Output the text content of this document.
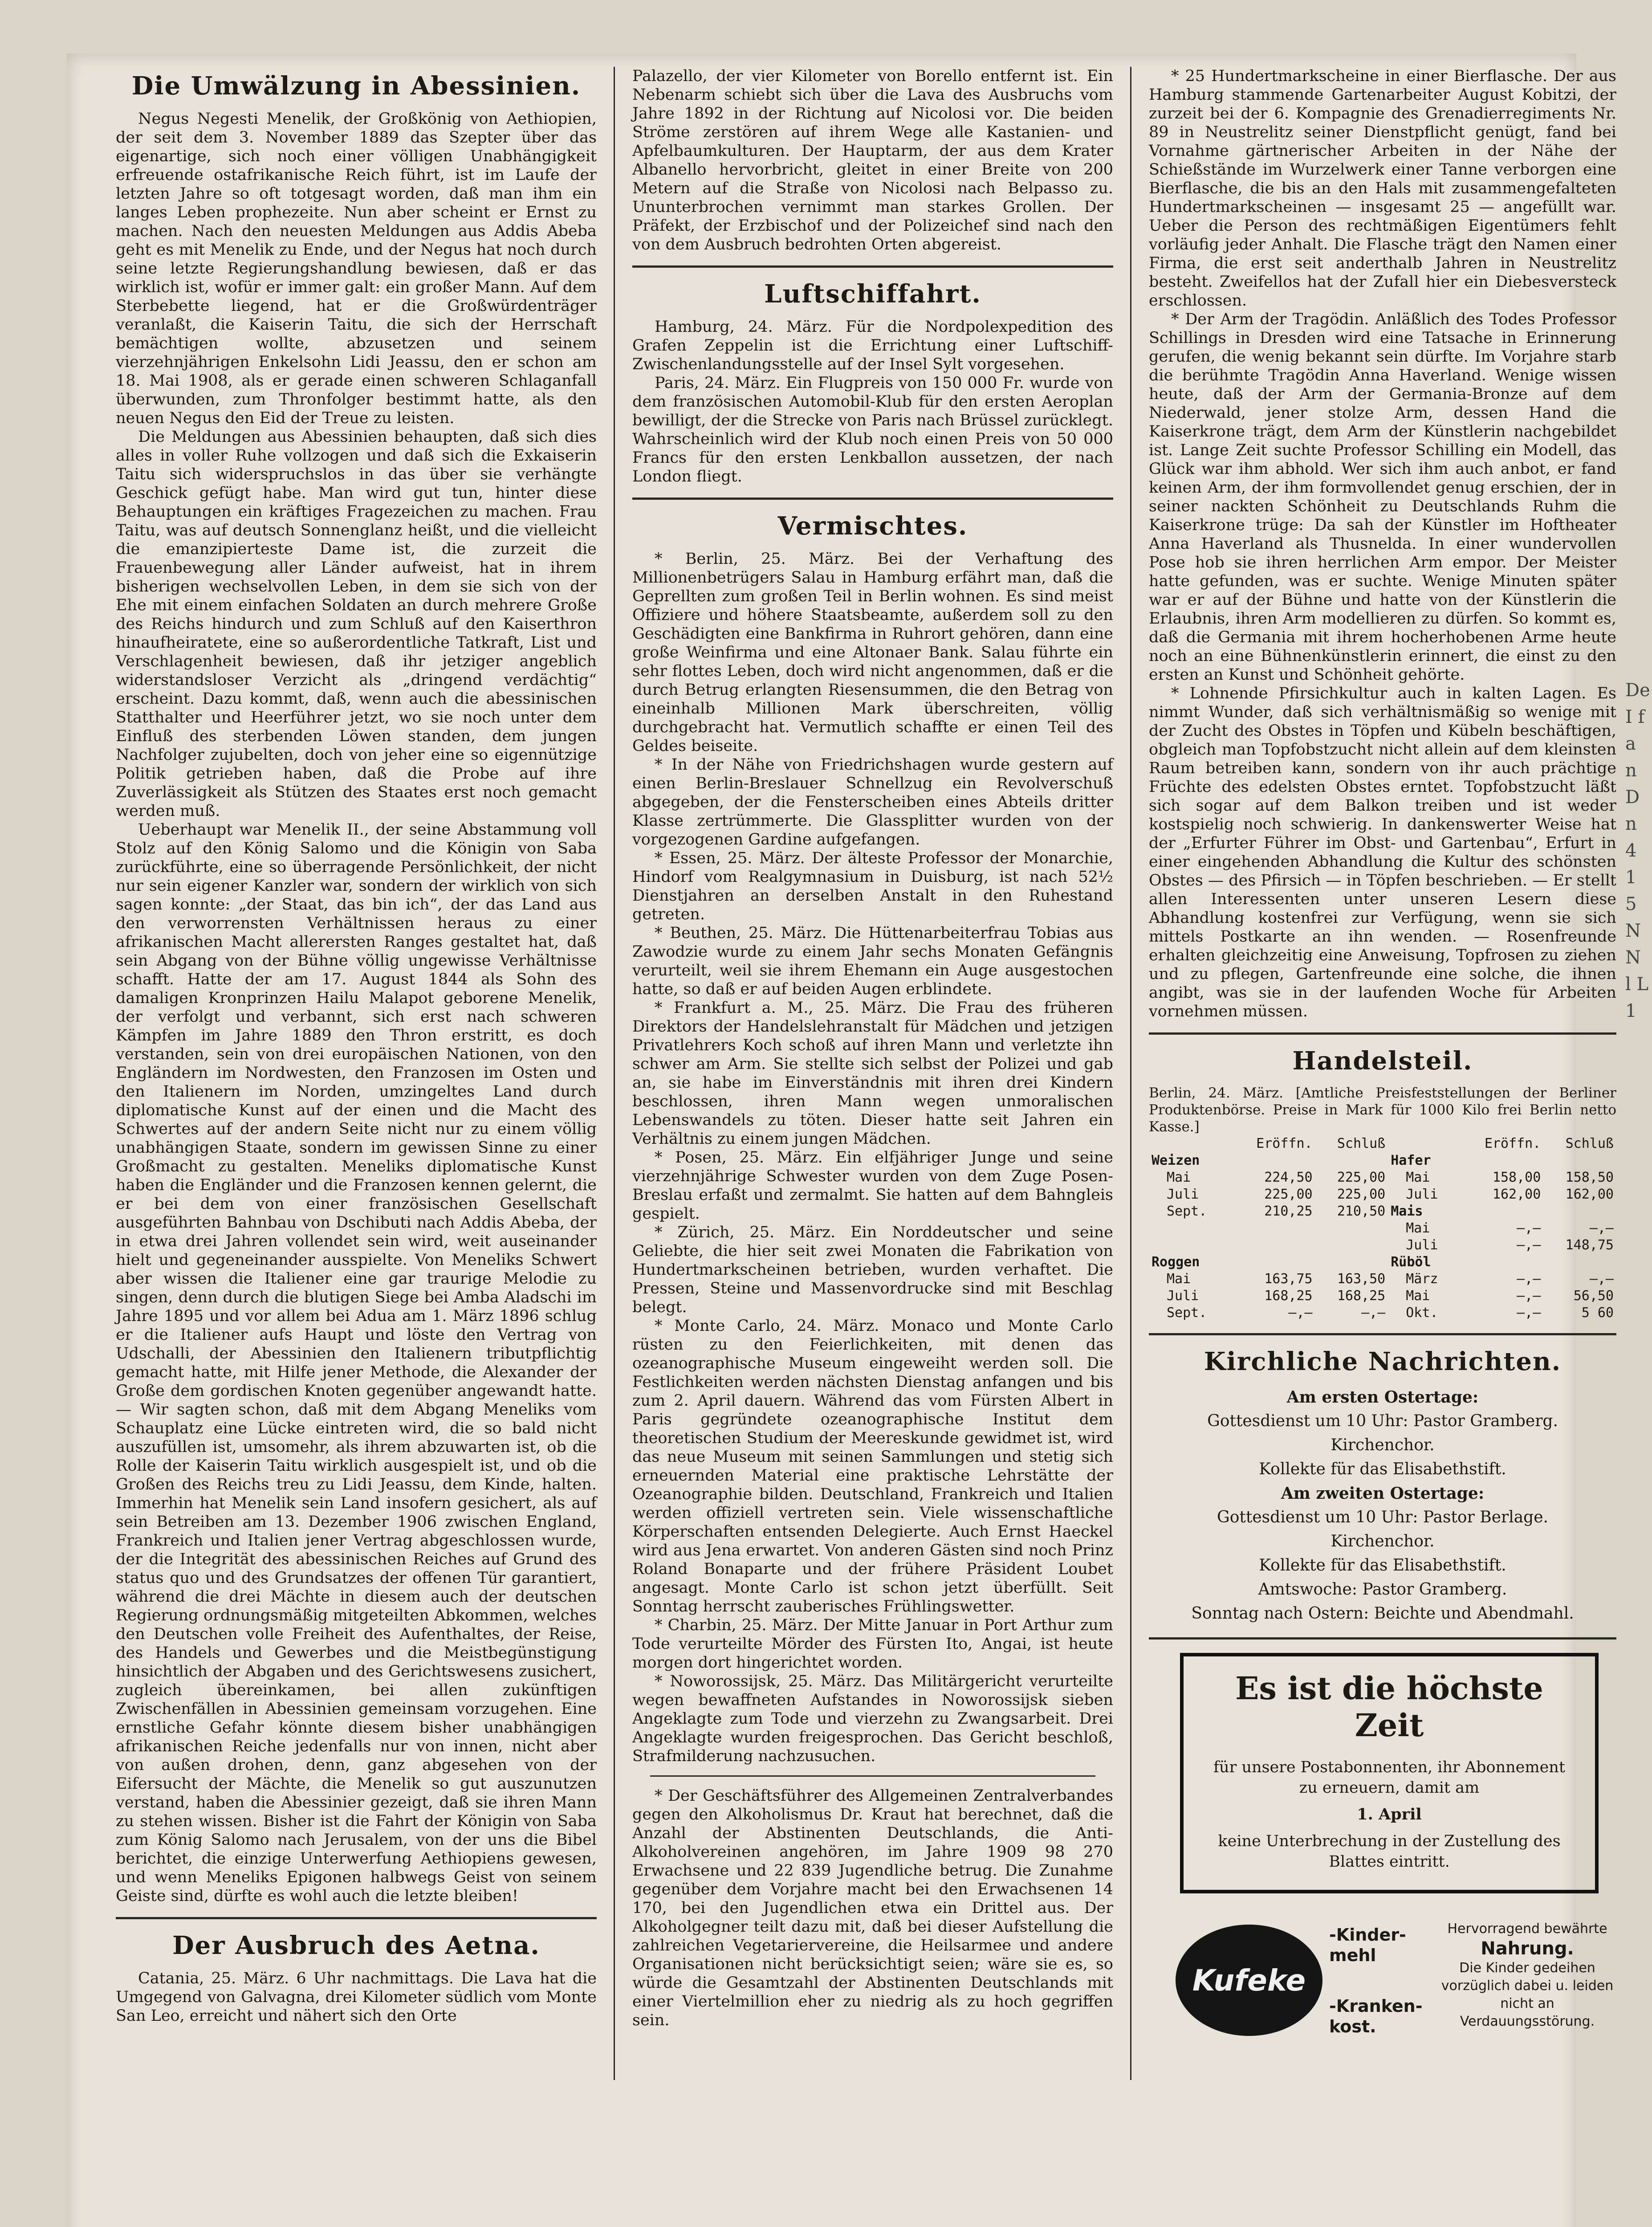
Die Umwälzung in Abessinien.

Negus Negesti Menelik, der Großkönig von Aethiopien, der seit dem 3. November 1889 das Szepter über das eigenartige, sich noch einer völligen Unabhängigkeit erfreuende ostafrikanische Reich führt, ist im Laufe der letzten Jahre so oft totgesagt worden, daß man ihm ein langes Leben prophezeite. Nun aber scheint er Ernst zu machen. Nach den neuesten Meldungen aus Addis Abeba geht es mit Menelik zu Ende, und der Negus hat noch durch seine letzte Regierungshandlung bewiesen, daß er das wirklich ist, wofür er immer galt: ein großer Mann. Auf dem Sterbebette liegend, hat er die Großwürdenträger veranlaßt, die Kaiserin Taitu, die sich der Herrschaft bemächtigen wollte, abzusetzen und seinem vierzehnjährigen Enkelsohn Lidi Jeassu, den er schon am 18. Mai 1908, als er gerade einen schweren Schlaganfall überwunden, zum Thronfolger bestimmt hatte, als den neuen Negus den Eid der Treue zu leisten.

Die Meldungen aus Abessinien behaupten, daß sich dies alles in voller Ruhe vollzogen und daß sich die Exkaiserin Taitu sich widerspruchslos in das über sie verhängte Geschick gefügt habe. Man wird gut tun, hinter diese Behauptungen ein kräftiges Fragezeichen zu machen. Frau Taitu, was auf deutsch Sonnenglanz heißt, und die vielleicht die emanzipierteste Dame ist, die zurzeit die Frauenbewegung aller Länder aufweist, hat in ihrem bisherigen wechselvollen Leben, in dem sie sich von der Ehe mit einem einfachen Soldaten an durch mehrere Große des Reichs hindurch und zum Schluß auf den Kaiserthron hinaufheiratete, eine so außerordentliche Tatkraft, List und Verschlagenheit bewiesen, daß ihr jetziger angeblich widerstandsloser Verzicht als „dringend verdächtig“ erscheint. Dazu kommt, daß, wenn auch die abessinischen Statthalter und Heerführer jetzt, wo sie noch unter dem Einfluß des sterbenden Löwen standen, dem jungen Nachfolger zujubelten, doch von jeher eine so eigennützige Politik getrieben haben, daß die Probe auf ihre Zuverlässigkeit als Stützen des Staates erst noch gemacht werden muß.

Ueberhaupt war Menelik II., der seine Abstammung voll Stolz auf den König Salomo und die Königin von Saba zurückführte, eine so überragende Persönlichkeit, der nicht nur sein eigener Kanzler war, sondern der wirklich von sich sagen konnte: „der Staat, das bin ich“, der das Land aus den verworrensten Verhältnissen heraus zu einer afrikanischen Macht allerersten Ranges gestaltet hat, daß sein Abgang von der Bühne völlig ungewisse Verhältnisse schafft. Hatte der am 17. August 1844 als Sohn des damaligen Kronprinzen Hailu Malapot geborene Menelik, der verfolgt und verbannt, sich erst nach schweren Kämpfen im Jahre 1889 den Thron erstritt, es doch verstanden, sein von drei europäischen Nationen, von den Engländern im Nordwesten, den Franzosen im Osten und den Italienern im Norden, umzingeltes Land durch diplomatische Kunst auf der einen und die Macht des Schwertes auf der andern Seite nicht nur zu einem völlig unabhängigen Staate, sondern im gewissen Sinne zu einer Großmacht zu gestalten. Meneliks diplomatische Kunst haben die Engländer und die Franzosen kennen gelernt, die er bei dem von einer französischen Gesellschaft ausgeführten Bahnbau von Dschibuti nach Addis Abeba, der in etwa drei Jahren vollendet sein wird, weit auseinander hielt und gegeneinander ausspielte. Von Meneliks Schwert aber wissen die Italiener eine gar traurige Melodie zu singen, denn durch die blutigen Siege bei Amba Aladschi im Jahre 1895 und vor allem bei Adua am 1. März 1896 schlug er die Italiener aufs Haupt und löste den Vertrag von Udschalli, der Abessinien den Italienern tributpflichtig gemacht hatte, mit Hilfe jener Methode, die Alexander der Große dem gordischen Knoten gegenüber angewandt hatte. — Wir sagten schon, daß mit dem Abgang Meneliks vom Schauplatz eine Lücke eintreten wird, die so bald nicht auszufüllen ist, umsomehr, als ihrem abzuwarten ist, ob die Rolle der Kaiserin Taitu wirklich ausgespielt ist, und ob die Großen des Reichs treu zu Lidi Jeassu, dem Kinde, halten. Immerhin hat Menelik sein Land insofern gesichert, als auf sein Betreiben am 13. Dezember 1906 zwischen England, Frankreich und Italien jener Vertrag abgeschlossen wurde, der die Integrität des abessinischen Reiches auf Grund des status quo und des Grundsatzes der offenen Tür garantiert, während die drei Mächte in diesem auch der deutschen Regierung ordnungsmäßig mitgeteilten Abkommen, welches den Deutschen volle Freiheit des Aufenthaltes, der Reise, des Handels und Gewerbes und die Meistbegünstigung hinsichtlich der Abgaben und des Gerichtswesens zusichert, zugleich übereinkamen, bei allen zukünftigen Zwischenfällen in Abessinien gemeinsam vorzugehen. Eine ernstliche Gefahr könnte diesem bisher unabhängigen afrikanischen Reiche jedenfalls nur von innen, nicht aber von außen drohen, denn, ganz abgesehen von der Eifersucht der Mächte, die Menelik so gut auszunutzen verstand, haben die Abessinier gezeigt, daß sie ihren Mann zu stehen wissen. Bisher ist die Fahrt der Königin von Saba zum König Salomo nach Jerusalem, von der uns die Bibel berichtet, die einzige Unterwerfung Aethiopiens gewesen, und wenn Meneliks Epigonen halbwegs Geist von seinem Geiste sind, dürfte es wohl auch die letzte bleiben!

Der Ausbruch des Aetna.

Catania, 25. März. 6 Uhr nachmittags. Die Lava hat die Umgegend von Galvagna, drei Kilometer südlich vom Monte San Leo, erreicht und nähert sich den Orte

Palazello, der vier Kilometer von Borello entfernt ist. Ein Nebenarm schiebt sich über die Lava des Ausbruchs vom Jahre 1892 in der Richtung auf Nicolosi vor. Die beiden Ströme zerstören auf ihrem Wege alle Kastanien- und Apfelbaumkulturen. Der Hauptarm, der aus dem Krater Albanello hervorbricht, gleitet in einer Breite von 200 Metern auf die Straße von Nicolosi nach Belpasso zu. Ununterbrochen vernimmt man starkes Grollen. Der Präfekt, der Erzbischof und der Polizeichef sind nach den von dem Ausbruch bedrohten Orten abgereist.

Luftschiffahrt.

Hamburg, 24. März. Für die Nordpolexpedition des Grafen Zeppelin ist die Errichtung einer Luftschiff-Zwischenlandungsstelle auf der Insel Sylt vorgesehen.

Paris, 24. März. Ein Flugpreis von 150 000 Fr. wurde von dem französischen Automobil-Klub für den ersten Aeroplan bewilligt, der die Strecke von Paris nach Brüssel zurücklegt. Wahrscheinlich wird der Klub noch einen Preis von 50 000 Francs für den ersten Lenkballon aussetzen, der nach London fliegt.

Vermischtes.

* Berlin, 25. März. Bei der Verhaftung des Millionenbetrügers Salau in Hamburg erfährt man, daß die Geprellten zum großen Teil in Berlin wohnen. Es sind meist Offiziere und höhere Staatsbeamte, außerdem soll zu den Geschädigten eine Bankfirma in Ruhrort gehören, dann eine große Weinfirma und eine Altonaer Bank. Salau führte ein sehr flottes Leben, doch wird nicht angenommen, daß er die durch Betrug erlangten Riesensummen, die den Betrag von eineinhalb Millionen Mark überschreiten, völlig durchgebracht hat. Vermutlich schaffte er einen Teil des Geldes beiseite.

* In der Nähe von Friedrichshagen wurde gestern auf einen Berlin-Breslauer Schnellzug ein Revolverschuß abgegeben, der die Fensterscheiben eines Abteils dritter Klasse zertrümmerte. Die Glassplitter wurden von der vorgezogenen Gardine aufgefangen.

* Essen, 25. März. Der älteste Professor der Monarchie, Hindorf vom Realgymnasium in Duisburg, ist nach 52½ Dienstjahren an derselben Anstalt in den Ruhestand getreten.

* Beuthen, 25. März. Die Hüttenarbeiterfrau Tobias aus Zawodzie wurde zu einem Jahr sechs Monaten Gefängnis verurteilt, weil sie ihrem Ehemann ein Auge ausgestochen hatte, so daß er auf beiden Augen erblindete.

* Frankfurt a. M., 25. März. Die Frau des früheren Direktors der Handelslehranstalt für Mädchen und jetzigen Privatlehrers Koch schoß auf ihren Mann und verletzte ihn schwer am Arm. Sie stellte sich selbst der Polizei und gab an, sie habe im Einverständnis mit ihren drei Kindern beschlossen, ihren Mann wegen unmoralischen Lebenswandels zu töten. Dieser hatte seit Jahren ein Verhältnis zu einem jungen Mädchen.

* Posen, 25. März. Ein elfjähriger Junge und seine vierzehnjährige Schwester wurden von dem Zuge Posen-Breslau erfaßt und zermalmt. Sie hatten auf dem Bahngleis gespielt.

* Zürich, 25. März. Ein Norddeutscher und seine Geliebte, die hier seit zwei Monaten die Fabrikation von Hundertmarkscheinen betrieben, wurden verhaftet. Die Pressen, Steine und Massenvordrucke sind mit Beschlag belegt.

* Monte Carlo, 24. März. Monaco und Monte Carlo rüsten zu den Feierlichkeiten, mit denen das ozeanographische Museum eingeweiht werden soll. Die Festlichkeiten werden nächsten Dienstag anfangen und bis zum 2. April dauern. Während das vom Fürsten Albert in Paris gegründete ozeanographische Institut dem theoretischen Studium der Meereskunde gewidmet ist, wird das neue Museum mit seinen Sammlungen und stetig sich erneuernden Material eine praktische Lehrstätte der Ozeanographie bilden. Deutschland, Frankreich und Italien werden offiziell vertreten sein. Viele wissenschaftliche Körperschaften entsenden Delegierte. Auch Ernst Haeckel wird aus Jena erwartet. Von anderen Gästen sind noch Prinz Roland Bonaparte und der frühere Präsident Loubet angesagt. Monte Carlo ist schon jetzt überfüllt. Seit Sonntag herrscht zauberisches Frühlingswetter.

* Charbin, 25. März. Der Mitte Januar in Port Arthur zum Tode verurteilte Mörder des Fürsten Ito, Angai, ist heute morgen dort hingerichtet worden.

* Noworossijsk, 25. März. Das Militärgericht verurteilte wegen bewaffneten Aufstandes in Noworossijsk sieben Angeklagte zum Tode und vierzehn zu Zwangsarbeit. Drei Angeklagte wurden freigesprochen. Das Gericht beschloß, Strafmilderung nachzusuchen.

* Der Geschäftsführer des Allgemeinen Zentralverbandes gegen den Alkoholismus Dr. Kraut hat berechnet, daß die Anzahl der Abstinenten Deutschlands, die Anti-Alkoholvereinen angehören, im Jahre 1909 98 270 Erwachsene und 22 839 Jugendliche betrug. Die Zunahme gegenüber dem Vorjahre macht bei den Erwachsenen 14 170, bei den Jugendlichen etwa ein Drittel aus. Der Alkoholgegner teilt dazu mit, daß bei dieser Aufstellung die zahlreichen Vegetariervereine, die Heilsarmee und andere Organisationen nicht berücksichtigt seien; wäre sie es, so würde die Gesamtzahl der Abstinenten Deutschlands mit einer Viertelmillion eher zu niedrig als zu hoch gegriffen sein.

* 25 Hundertmarkscheine in einer Bierflasche. Der aus Hamburg stammende Gartenarbeiter August Kobitzi, der zurzeit bei der 6. Kompagnie des Grenadierregiments Nr. 89 in Neustrelitz seiner Dienstpflicht genügt, fand bei Vornahme gärtnerischer Arbeiten in der Nähe der Schießstände im Wurzelwerk einer Tanne verborgen eine Bierflasche, die bis an den Hals mit zusammengefalteten Hundertmarkscheinen — insgesamt 25 — angefüllt war. Ueber die Person des rechtmäßigen Eigentümers fehlt vorläufig jeder Anhalt. Die Flasche trägt den Namen einer Firma, die erst seit anderthalb Jahren in Neustrelitz besteht. Zweifellos hat der Zufall hier ein Diebesversteck erschlossen.

* Der Arm der Tragödin. Anläßlich des Todes Professor Schillings in Dresden wird eine Tatsache in Erinnerung gerufen, die wenig bekannt sein dürfte. Im Vorjahre starb die berühmte Tragödin Anna Haverland. Wenige wissen heute, daß der Arm der Germania-Bronze auf dem Niederwald, jener stolze Arm, dessen Hand die Kaiserkrone trägt, dem Arm der Künstlerin nachgebildet ist. Lange Zeit suchte Professor Schilling ein Modell, das Glück war ihm abhold. Wer sich ihm auch anbot, er fand keinen Arm, der ihm formvollendet genug erschien, der in seiner nackten Schönheit zu Deutschlands Ruhm die Kaiserkrone trüge: Da sah der Künstler im Hoftheater Anna Haverland als Thusnelda. In einer wundervollen Pose hob sie ihren herrlichen Arm empor. Der Meister hatte gefunden, was er suchte. Wenige Minuten später war er auf der Bühne und hatte von der Künstlerin die Erlaubnis, ihren Arm modellieren zu dürfen. So kommt es, daß die Germania mit ihrem hocherhobenen Arme heute noch an eine Bühnenkünstlerin erinnert, die einst zu den ersten an Kunst und Schönheit gehörte.

* Lohnende Pfirsichkultur auch in kalten Lagen. Es nimmt Wunder, daß sich verhältnismäßig so wenige mit der Zucht des Obstes in Töpfen und Kübeln beschäftigen, obgleich man Topfobstzucht nicht allein auf dem kleinsten Raum betreiben kann, sondern von ihr auch prächtige Früchte des edelsten Obstes erntet. Topfobstzucht läßt sich sogar auf dem Balkon treiben und ist weder kostspielig noch schwierig. In dankenswerter Weise hat der „Erfurter Führer im Obst- und Gartenbau“, Erfurt in einer eingehenden Abhandlung die Kultur des schönsten Obstes — des Pfirsich — in Töpfen beschrieben. — Er stellt allen Interessenten unter unseren Lesern diese Abhandlung kostenfrei zur Verfügung, wenn sie sich mittels Postkarte an ihn wenden. — Rosenfreunde erhalten gleichzeitig eine Anweisung, Topfrosen zu ziehen und zu pflegen, Gartenfreunde eine solche, die ihnen angibt, was sie in der laufenden Woche für Arbeiten vornehmen müssen.

Handelsteil.

Berlin, 24. März. [Amtliche Preisfeststellungen der Berliner Produktenbörse. Preise in Mark für 1000 Kilo frei Berlin netto Kasse.]

	Eröffn.	Schluß		Eröffn.	Schluß
Weizen			Hafer		
Mai	224,50	225,00	Mai	158,00	158,50
Juli	225,00	225,00	Juli	162,00	162,00
Sept.	210,25	210,50	Mais		
			Mai	—,—	—,—
			Juli	—,—	148,75
Roggen			Rüböl		
Mai	163,75	163,50	März	—,—	—,—
Juli	168,25	168,25	Mai	—,—	56,50
Sept.	—,—	—,—	Okt.	—,—	5 60
Kirchliche Nachrichten.

Am ersten Ostertage:

Gottesdienst um 10 Uhr: Pastor Gramberg.

Kirchenchor.

Kollekte für das Elisabethstift.

Am zweiten Ostertage:

Gottesdienst um 10 Uhr: Pastor Berlage.

Kirchenchor.

Kollekte für das Elisabethstift.

Amtswoche: Pastor Gramberg.

Sonntag nach Ostern: Beichte und Abendmahl.

Es ist die höchste Zeit

für unsere Postabonnenten, ihr Abonnement zu erneuern, damit am

1. April

keine Unterbrechung in der Zustellung des Blattes eintritt.

Kufeke
-Kinder-mehl
-Kranken-kost.
Hervorragend bewährte
Nahrung.
Die Kinder gedeihen vorzüglich dabei u. leiden nicht an Verdauungsstörung.
De I f a n D n 4 1 5 N N l L 1
